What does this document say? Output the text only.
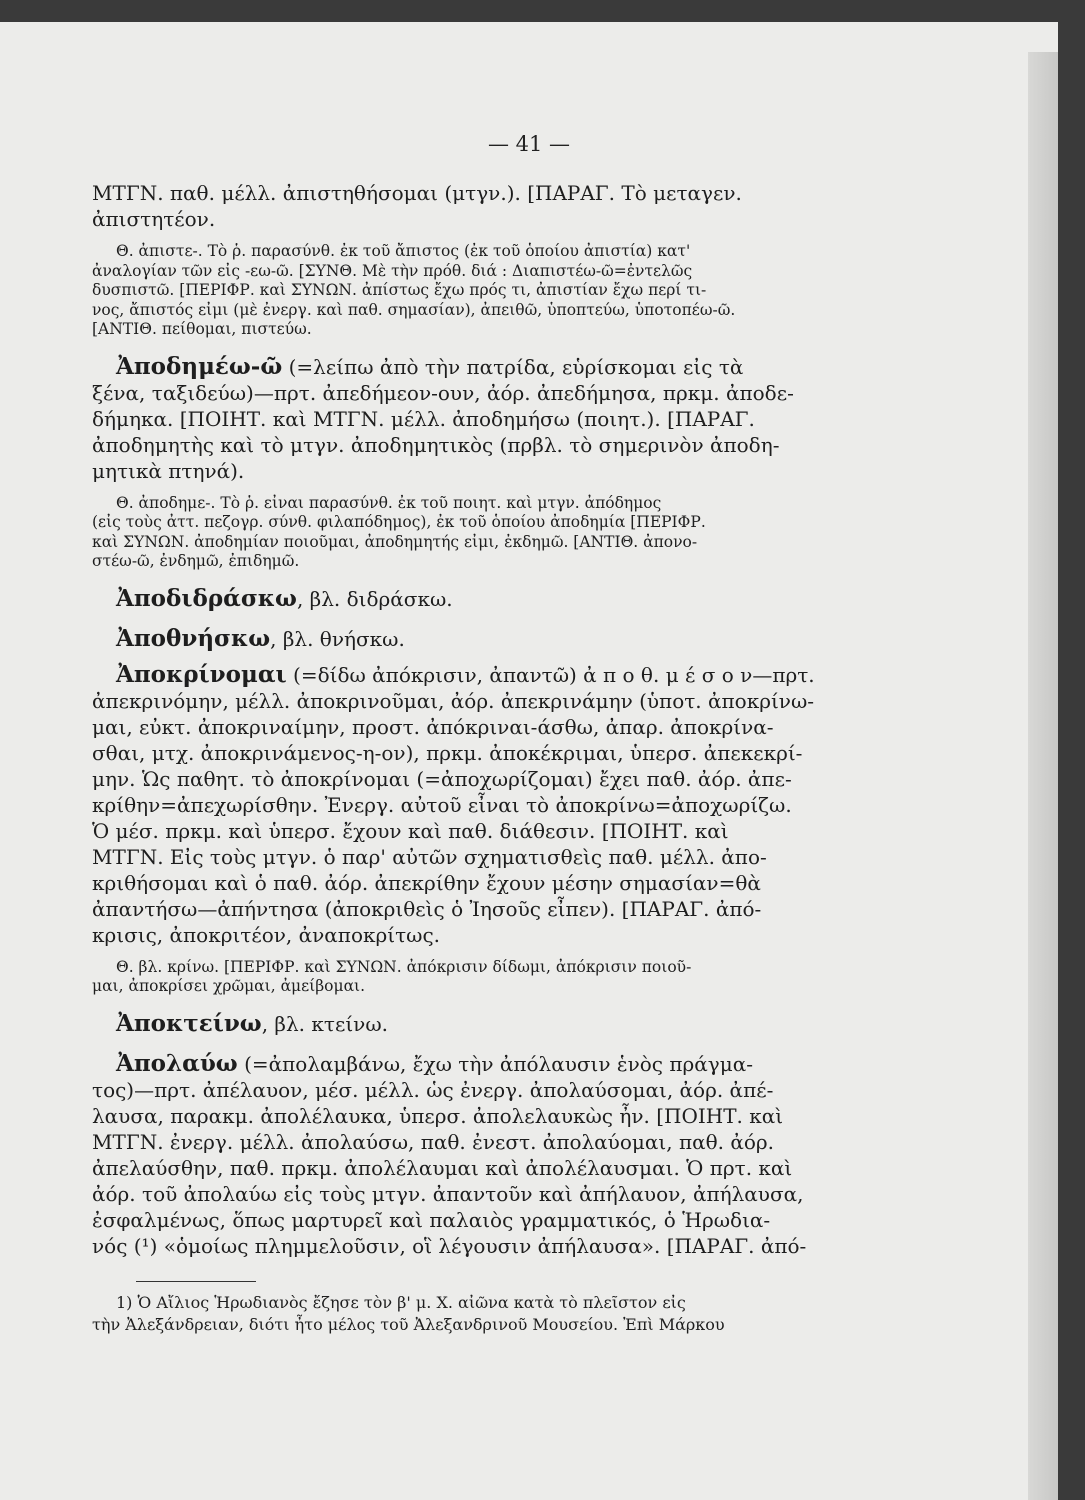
— 41 —
ΜΤΓΝ. παθ. μέλλ. ἀπιστηθήσομαι (μτγν.). [ΠΑΡΑΓ. Τὸ μεταγεν.
ἀπιστητέον.
Θ. ἀπιστε-. Τὸ ῥ. παρασύνθ. ἐκ τοῦ ἄπιστος (ἐκ τοῦ ὁποίου ἀπιστία) κατ'
ἀναλογίαν τῶν εἰς -εω-ῶ. [ΣΥΝΘ. Μὲ τὴν πρόθ. διά : Διαπιστέω-ῶ=ἐντελῶς
δυσπιστῶ. [ΠΕΡΙΦΡ. καὶ ΣΥΝΩΝ. ἀπίστως ἔχω πρός τι, ἀπιστίαν ἔχω περί τι-
νος, ἄπιστός εἰμι (μὲ ἐνεργ. καὶ παθ. σημασίαν), ἀπειθῶ, ὑποπτεύω, ὑποτοπέω-ῶ.
[ΑΝΤΙΘ. πείθομαι, πιστεύω.
Ἀποδημέω-ῶ (=λείπω ἀπὸ τὴν πατρίδα, εὑρίσκομαι εἰς τὰ
ξένα, ταξιδεύω)—πρτ. ἀπεδήμεον-ουν, ἀόρ. ἀπεδήμησα, πρκμ. ἀποδε-
δήμηκα. [ΠΟΙΗΤ. καὶ ΜΤΓΝ. μέλλ. ἀποδημήσω (ποιητ.). [ΠΑΡΑΓ.
ἀποδημητὴς καὶ τὸ μτγν. ἀποδημητικὸς (πρβλ. τὸ σημερινὸν ἀποδη-
μητικὰ πτηνά).
Θ. ἀποδημε-. Τὸ ῥ. εἶναι παρασύνθ. ἐκ τοῦ ποιητ. καὶ μτγν. ἀπόδημος
(εἰς τοὺς ἀττ. πεζογρ. σύνθ. φιλαπόδημος), ἐκ τοῦ ὁποίου ἀποδημία [ΠΕΡΙΦΡ.
καὶ ΣΥΝΩΝ. ἀποδημίαν ποιοῦμαι, ἀποδημητής εἰμι, ἐκδημῶ. [ΑΝΤΙΘ. ἀπονο-
στέω-ῶ, ἐνδημῶ, ἐπιδημῶ.
Ἀποδιδράσκω, βλ. διδράσκω.
Ἀποθνήσκω, βλ. θνήσκω.
Ἀποκρίνομαι (=δίδω ἀπόκρισιν, ἀπαντῶ) ἀ π ο θ. μ έ σ ο ν—πρτ.
ἀπεκρινόμην, μέλλ. ἀποκρινοῦμαι, ἀόρ. ἀπεκρινάμην (ὑποτ. ἀποκρίνω-
μαι, εὐκτ. ἀποκριναίμην, προστ. ἀπόκριναι-άσθω, ἀπαρ. ἀποκρίνα-
σθαι, μτχ. ἀποκρινάμενος-η-ον), πρκμ. ἀποκέκριμαι, ὑπερσ. ἀπεκεκρί-
μην. Ὡς παθητ. τὸ ἀποκρίνομαι (=ἀποχωρίζομαι) ἔχει παθ. ἀόρ. ἀπε-
κρίθην=ἀπεχωρίσθην. Ἐνεργ. αὐτοῦ εἶναι τὸ ἀποκρίνω=ἀποχωρίζω.
Ὁ μέσ. πρκμ. καὶ ὑπερσ. ἔχουν καὶ παθ. διάθεσιν. [ΠΟΙΗΤ. καὶ
ΜΤΓΝ. Εἰς τοὺς μτγν. ὁ παρ' αὐτῶν σχηματισθεὶς παθ. μέλλ. ἀπο-
κριθήσομαι καὶ ὁ παθ. ἀόρ. ἀπεκρίθην ἔχουν μέσην σημασίαν=θὰ
ἀπαντήσω—ἀπήντησα (ἀποκριθεὶς ὁ Ἰησοῦς εἶπεν). [ΠΑΡΑΓ. ἀπό-
κρισις, ἀποκριτέον, ἀναποκρίτως.
Θ. βλ. κρίνω. [ΠΕΡΙΦΡ. καὶ ΣΥΝΩΝ. ἀπόκρισιν δίδωμι, ἀπόκρισιν ποιοῦ-
μαι, ἀποκρίσει χρῶμαι, ἀμείβομαι.
Ἀποκτείνω, βλ. κτείνω.
Ἀπολαύω (=ἀπολαμβάνω, ἔχω τὴν ἀπόλαυσιν ἑνὸς πράγμα-
τος)—πρτ. ἀπέλαυον, μέσ. μέλλ. ὡς ἐνεργ. ἀπολαύσομαι, ἀόρ. ἀπέ-
λαυσα, παρακμ. ἀπολέλαυκα, ὑπερσ. ἀπολελαυκὼς ἦν. [ΠΟΙΗΤ. καὶ
ΜΤΓΝ. ἐνεργ. μέλλ. ἀπολαύσω, παθ. ἐνεστ. ἀπολαύομαι, παθ. ἀόρ.
ἀπελαύσθην, παθ. πρκμ. ἀπολέλαυμαι καὶ ἀπολέλαυσμαι. Ὁ πρτ. καὶ
ἀόρ. τοῦ ἀπολαύω εἰς τοὺς μτγν. ἀπαντοῦν καὶ ἀπήλαυον, ἀπήλαυσα,
ἐσφαλμένως, ὅπως μαρτυρεῖ καὶ παλαιὸς γραμματικός, ὁ Ἡρωδια-
νός (¹) «ὁμοίως πλημμελοῦσιν, οἳ λέγουσιν ἀπήλαυσα». [ΠΑΡΑΓ. ἀπό-
1) Ὁ Αἴλιος Ἡρωδιανὸς ἔζησε τὸν β' μ. Χ. αἰῶνα κατὰ τὸ πλεῖστον εἰς
τὴν Ἀλεξάνδρειαν, διότι ἦτο μέλος τοῦ Ἀλεξανδρινοῦ Μουσείου. Ἐπὶ Μάρκου
